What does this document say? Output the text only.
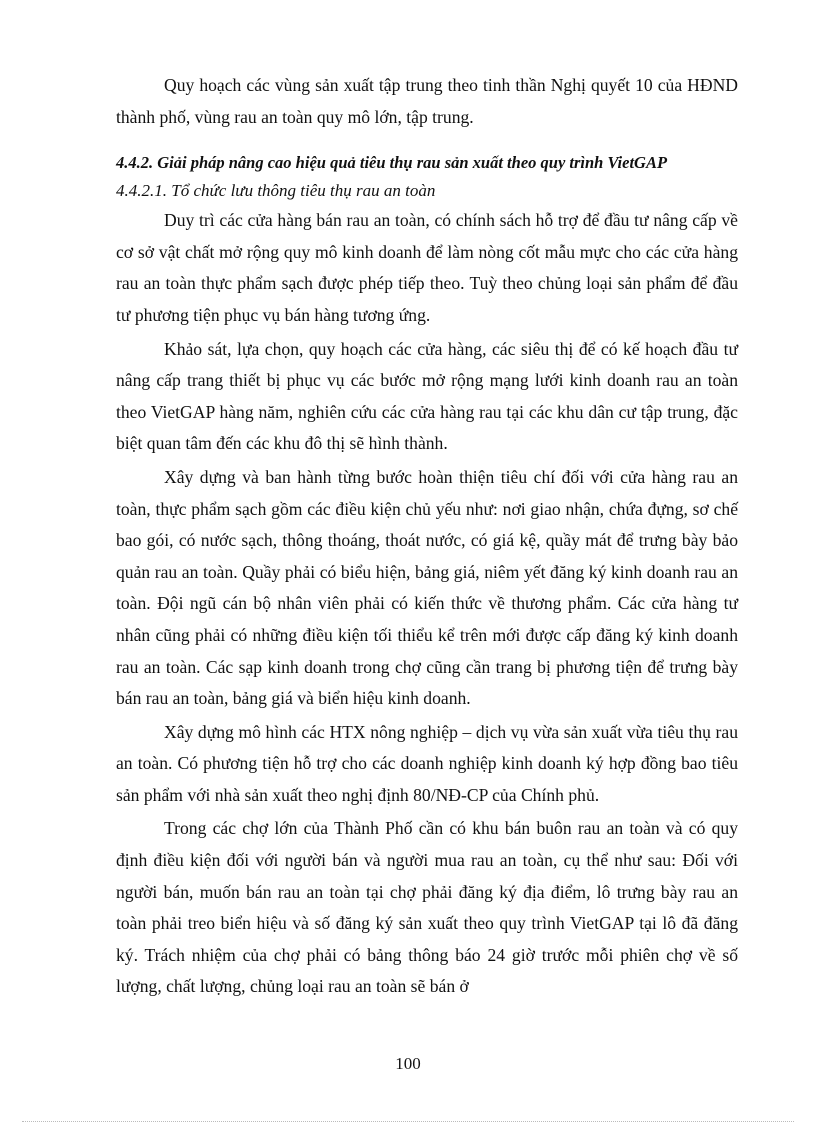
Quy hoạch các vùng sản xuất tập trung theo tinh thần Nghị quyết 10 của HĐND thành phố, vùng rau an toàn quy mô lớn, tập trung.

4.4.2. Giải pháp nâng cao hiệu quả tiêu thụ rau sản xuất theo quy trình VietGAP

4.4.2.1. Tổ chức lưu thông tiêu thụ rau an toàn

Duy trì các cửa hàng bán rau an toàn, có chính sách hỗ trợ để đầu tư nâng cấp về cơ sở vật chất mở rộng quy mô kinh doanh để làm nòng cốt mẫu mực cho các cửa hàng rau an toàn thực phẩm sạch được phép tiếp theo. Tuỳ theo chủng loại sản phẩm để đầu tư phương tiện phục vụ bán hàng tương ứng.

Khảo sát, lựa chọn, quy hoạch các cửa hàng, các siêu thị để có kế hoạch đầu tư nâng cấp trang thiết bị phục vụ các bước mở rộng mạng lưới kinh doanh rau an toàn theo VietGAP hàng năm, nghiên cứu các cửa hàng rau tại các khu dân cư tập trung, đặc biệt quan tâm đến các khu đô thị sẽ hình thành.

Xây dựng và ban hành từng bước hoàn thiện tiêu chí đối với cửa hàng rau an toàn, thực phẩm sạch gồm các điều kiện chủ yếu như: nơi giao nhận, chứa đựng, sơ chế bao gói, có nước sạch, thông thoáng, thoát nước, có giá kệ, quầy mát để trưng bày bảo quản rau an toàn. Quầy phải có biểu hiện, bảng giá, niêm yết đăng ký kinh doanh rau an toàn. Đội ngũ cán bộ nhân viên phải có kiến thức về thương phẩm. Các cửa hàng tư nhân cũng phải có những điều kiện tối thiểu kể trên mới được cấp đăng ký kinh doanh rau an toàn. Các sạp kinh doanh trong chợ cũng cần trang bị phương tiện để trưng bày bán rau an toàn, bảng giá và biển hiệu kinh doanh.

Xây dựng mô hình các HTX nông nghiệp – dịch vụ vừa sản xuất vừa tiêu thụ rau an toàn. Có phương tiện hỗ trợ cho các doanh nghiệp kinh doanh ký hợp đồng bao tiêu sản phẩm với nhà sản xuất theo nghị định 80/NĐ-CP của Chính phủ.

Trong các chợ lớn của Thành Phố cần có khu bán buôn rau an toàn và có quy định điều kiện đối với người bán và người mua rau an toàn, cụ thể như sau: Đối với người bán, muốn bán rau an toàn tại chợ phải đăng ký địa điểm, lô trưng bày rau an toàn phải treo biển hiệu và số đăng ký sản xuất theo quy trình VietGAP tại lô đã đăng ký. Trách nhiệm của chợ phải có bảng thông báo 24 giờ trước mỗi phiên chợ về số lượng, chất lượng, chủng loại rau an toàn sẽ bán ở

100
